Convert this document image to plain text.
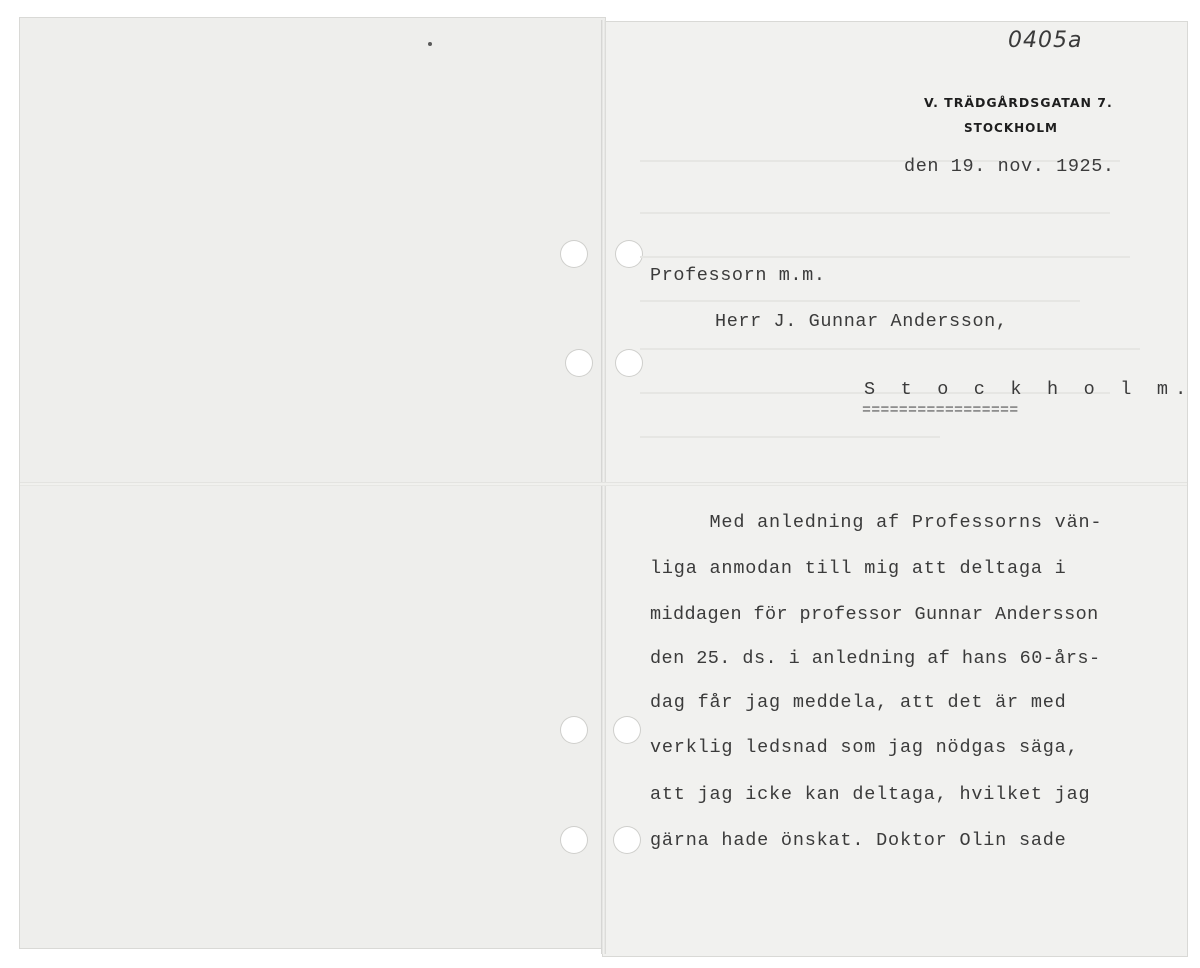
0405a
V. TRÄDGÅRDSGATAN 7.
STOCKHOLM
den 19. nov. 1925.
Professorn m.m.
Herr J. Gunnar Andersson,
S t o c k h o l m.
=================
Med anledning af Professorns vän-
liga anmodan till mig att deltaga i
middagen för professor Gunnar Andersson
den 25. ds. i anledning af hans 60-års-
dag får jag meddela, att det är med
verklig ledsnad som jag nödgas säga,
att jag icke kan deltaga, hvilket jag
gärna hade önskat. Doktor Olin sade
